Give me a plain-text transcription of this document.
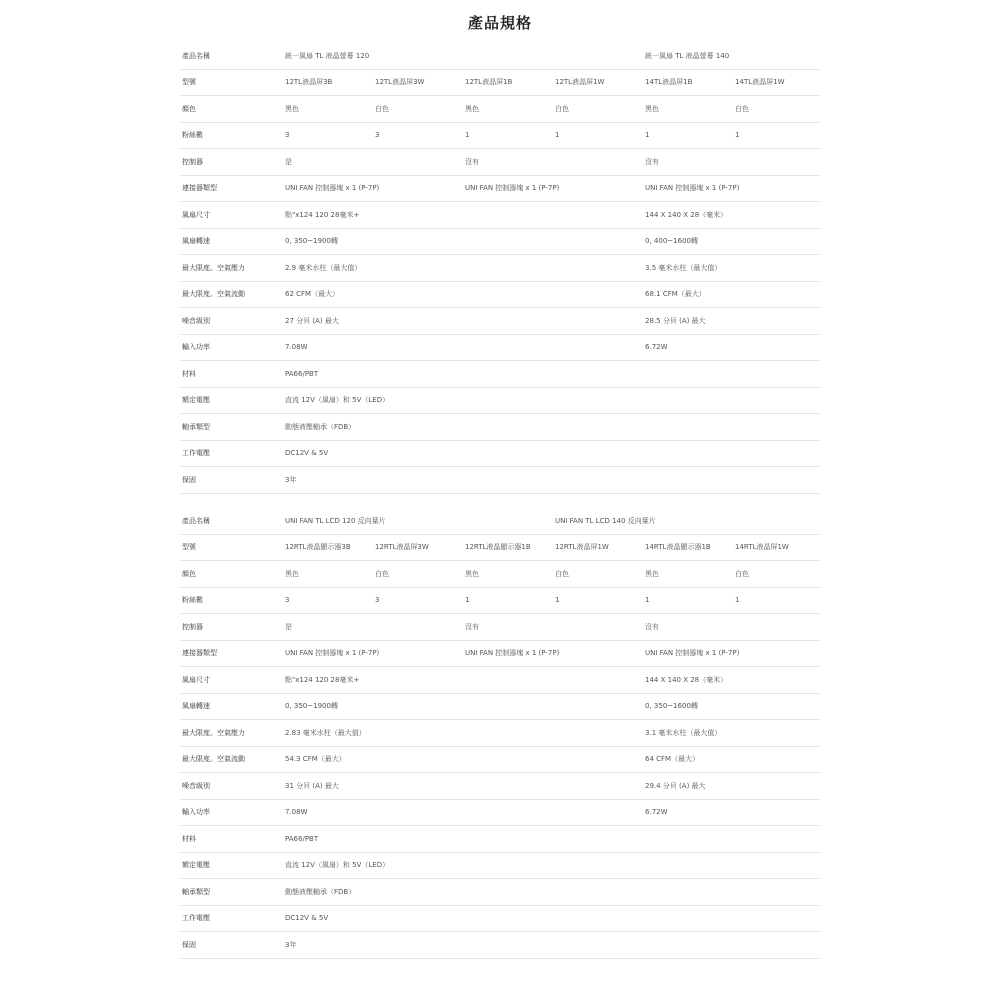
產品規格
產品名稱	統一風扇 TL 液晶螢幕 120				統一風扇 TL 液晶螢幕 140	
型號	12TL液晶屏3B	12TL液晶屏3W	12TL液晶屏1B	12TL液晶屏1W	14TL液晶屏1B	14TL液晶屏1W
顏色	黑色	白色	黑色	白色	黑色	白色
粉絲數	3	3	1	1	1	1
控制器	是		沒有		沒有	
連接器類型	UNI FAN 控制器塊 x 1 (P-7P)		UNI FAN 控制器塊 x 1 (P-7P)		UNI FAN 控制器塊 x 1 (P-7P)	
風扇尺寸	點"x124 120 28毫米+				144 X 140 X 28（毫米）	
風扇轉速	0, 350~1900轉				0, 400~1600轉	
最大限度。空氣壓力	2.9 毫米水柱（最大值）				3.5 毫米水柱（最大值）	
最大限度。空氣流動	62 CFM（最大）				68.1 CFM（最大）	
噪音級別	27 分貝 (A) 最大				28.5 分貝 (A) 最大	
輸入功率	7.08W				6.72W	
材料	PA66/PBT					
額定電壓	直流 12V（風扇）和 5V（LED）					
軸承類型	動態液壓軸承（FDB）					
工作電壓	DC12V & 5V					
保固	3年					
產品名稱	UNI FAN TL LCD 120 反向葉片			UNI FAN TL LCD 140 反向葉片		
型號	12RTL液晶顯示器3B	12RTL液晶屏3W	12RTL液晶顯示器1B	12RTL液晶屏1W	14RTL液晶顯示器1B	14RTL液晶屏1W
顏色	黑色	白色	黑色	白色	黑色	白色
粉絲數	3	3	1	1	1	1
控制器	是		沒有		沒有	
連接器類型	UNI FAN 控制器塊 x 1 (P-7P)		UNI FAN 控制器塊 x 1 (P-7P)		UNI FAN 控制器塊 x 1 (P-7P)	
風扇尺寸	點"x124 120 28毫米+				144 X 140 X 28（毫米）	
風扇轉速	0, 350~1900轉				0, 350~1600轉	
最大限度。空氣壓力	2.83 毫米水柱（最大值）				3.1 毫米水柱（最大值）	
最大限度。空氣流動	54.3 CFM（最大）				64 CFM（最大）	
噪音級別	31 分貝 (A) 最大				29.4 分貝 (A) 最大	
輸入功率	7.08W				6.72W	
材料	PA66/PBT					
額定電壓	直流 12V（風扇）和 5V（LED）					
軸承類型	動態液壓軸承（FDB）					
工作電壓	DC12V & 5V					
保固	3年					
